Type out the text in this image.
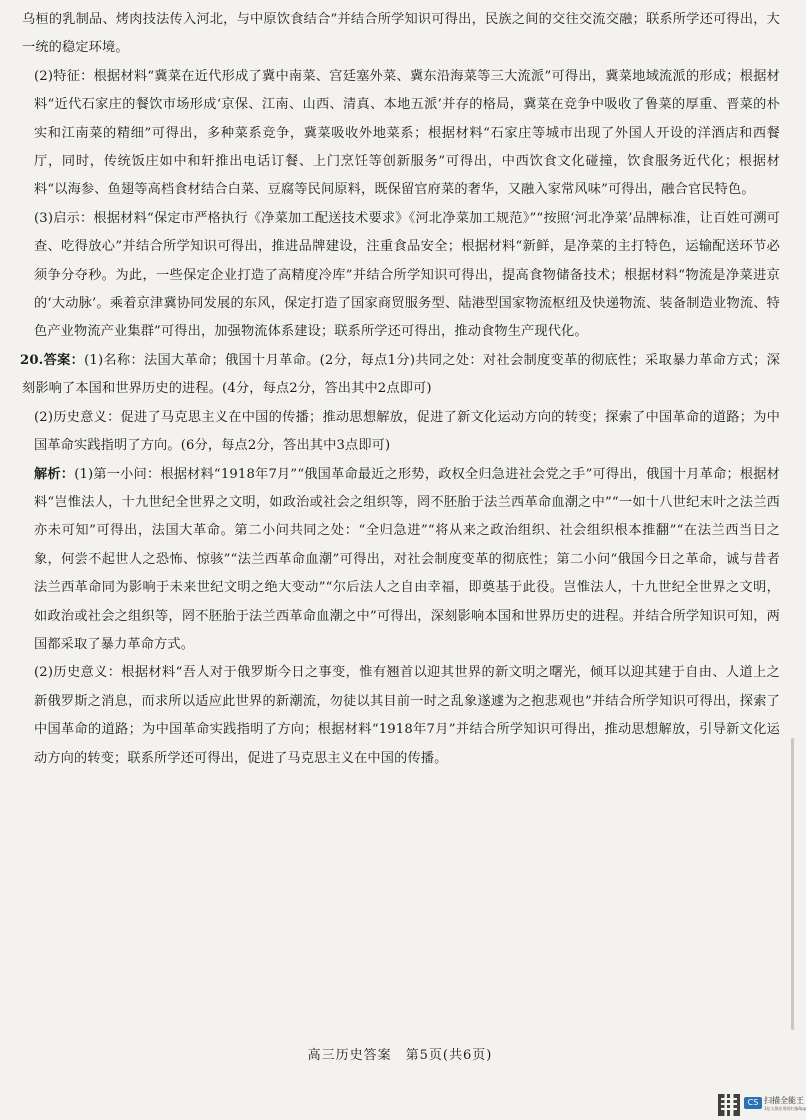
乌桓的乳制品、烤肉技法传入河北，与中原饮食结合”并结合所学知识可得出，民族之间的交往交流交融；联系所学还可得出，大一统的稳定环境。

(2)特征：根据材料“冀菜在近代形成了冀中南菜、宫廷塞外菜、冀东沿海菜等三大流派”可得出，冀菜地域流派的形成；根据材料“近代石家庄的餐饮市场形成‘京保、江南、山西、清真、本地五派’并存的格局，冀菜在竞争中吸收了鲁菜的厚重、晋菜的朴实和江南菜的精细”可得出，多种菜系竞争，冀菜吸收外地菜系；根据材料“石家庄等城市出现了外国人开设的洋酒店和西餐厅，同时，传统饭庄如中和轩推出电话订餐、上门烹饪等创新服务”可得出，中西饮食文化碰撞，饮食服务近代化；根据材料“以海参、鱼翅等高档食材结合白菜、豆腐等民间原料，既保留官府菜的奢华，又融入家常风味”可得出，融合官民特色。

(3)启示：根据材料“保定市严格执行《净菜加工配送技术要求》《河北净菜加工规范》”“按照‘河北净菜’品牌标准，让百姓可溯可查、吃得放心”并结合所学知识可得出，推进品牌建设，注重食品安全；根据材料“新鲜，是净菜的主打特色，运输配送环节必须争分夺秒。为此，一些保定企业打造了高精度冷库”并结合所学知识可得出，提高食物储备技术；根据材料“物流是净菜进京的‘大动脉’。乘着京津冀协同发展的东风，保定打造了国家商贸服务型、陆港型国家物流枢纽及快递物流、装备制造业物流、特色产业物流产业集群”可得出，加强物流体系建设；联系所学还可得出，推动食物生产现代化。

20.答案：(1)名称：法国大革命；俄国十月革命。(2分，每点1分)共同之处：对社会制度变革的彻底性；采取暴力革命方式；深刻影响了本国和世界历史的进程。(4分，每点2分，答出其中2点即可)

(2)历史意义：促进了马克思主义在中国的传播；推动思想解放，促进了新文化运动方向的转变；探索了中国革命的道路；为中国革命实践指明了方向。(6分，每点2分，答出其中3点即可)

解析：(1)第一小问：根据材料“1918年7月”“俄国革命最近之形势，政权全归急进社会党之手”可得出，俄国十月革命；根据材料“岂惟法人，十九世纪全世界之文明，如政治或社会之组织等，罔不胚胎于法兰西革命血潮之中”“一如十八世纪末叶之法兰西亦未可知”可得出，法国大革命。第二小问共同之处：“全归急进”“将从来之政治组织、社会组织根本推翻”“在法兰西当日之象，何尝不起世人之恐怖、惊骇”“法兰西革命血潮”可得出，对社会制度变革的彻底性；第二小问“俄国今日之革命，诚与昔者法兰西革命同为影响于未来世纪文明之绝大变动”“尔后法人之自由幸福，即奠基于此役。岂惟法人，十九世纪全世界之文明，如政治或社会之组织等，罔不胚胎于法兰西革命血潮之中”可得出，深刻影响本国和世界历史的进程。并结合所学知识可知，两国都采取了暴力革命方式。

(2)历史意义：根据材料“吾人对于俄罗斯今日之事变，惟有翘首以迎其世界的新文明之曙光，倾耳以迎其建于自由、人道上之新俄罗斯之消息，而求所以适应此世界的新潮流，勿徒以其目前一时之乱象遂遽为之抱悲观也”并结合所学知识可得出，探索了中国革命的道路；为中国革命实践指明了方向；根据材料“1918年7月”并结合所学知识可得出，推动思想解放，引导新文化运动方向的转变；联系所学还可得出，促进了马克思主义在中国的传播。

高三历史答案　第5页(共6页)
CS 扫描全能王
3亿人都在用的扫描App
